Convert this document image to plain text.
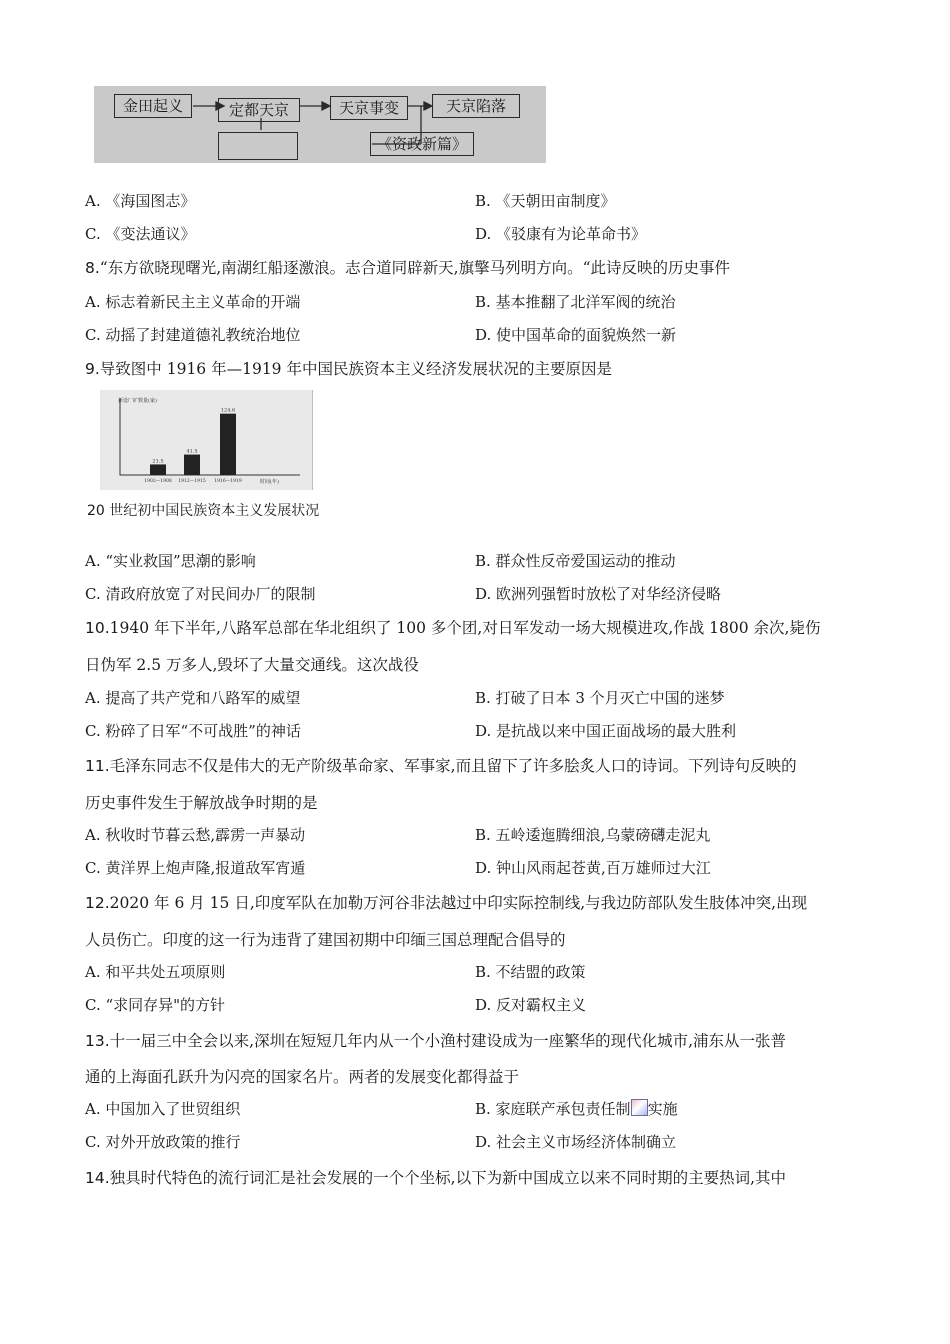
金田起义	定都天京	天京事变	天京陷落
《资政新篇》
A. 《海国图志》	B. 《天朝田亩制度》
C. 《变法通议》	D. 《驳康有为论革命书》
8.“东方欲晓现曙光,南湖红船逐激浪。志合道同辟新天,旗擎马列明方向。“此诗反映的历史事件
A. 标志着新民主主义革命的开端	B. 基本推翻了北洋军阀的统治
C. 动摇了封建道德礼教统治地位	D. 使中国革命的面貌焕然一新
9.导致图中 1916 年—1919 年中国民族资本主义经济发展状况的主要原因是
新设厂矿数量(家)
时间(年)
21.5
1902—1908
41.5
1912—1915
124.6
1916—1919
20 世纪初中国民族资本主义发展状况
A. “实业救国”思潮的影响	B. 群众性反帝爱国运动的推动
C. 清政府放宽了对民间办厂的限制	D. 欧洲列强暂时放松了对华经济侵略
10.1940 年下半年,八路军总部在华北组织了 100 多个团,对日军发动一场大规模进攻,作战 1800 余次,毙伤
日伪军 2.5 万多人,毁坏了大量交通线。这次战役
A. 提高了共产党和八路军的威望	B. 打破了日本 3 个月灭亡中国的迷梦
C. 粉碎了日军“不可战胜”的神话	D. 是抗战以来中国正面战场的最大胜利
11.毛泽东同志不仅是伟大的无产阶级革命家、军事家,而且留下了许多脍炙人口的诗词。下列诗句反映的
历史事件发生于解放战争时期的是
A. 秋收时节暮云愁,霹雳一声暴动	B. 五岭逶迤腾细浪,乌蒙磅礴走泥丸
C. 黄洋界上炮声隆,报道敌军宵遁	D. 钟山风雨起苍黄,百万雄师过大江
12.2020 年 6 月 15 日,印度军队在加勒万河谷非法越过中印实际控制线,与我边防部队发生肢体冲突,出现
人员伤亡。印度的这一行为违背了建国初期中印缅三国总理配合倡导的
A. 和平共处五项原则	B. 不结盟的政策
C. “求同存异"的方针	D. 反对霸权主义
13.十一届三中全会以来,深圳在短短几年内从一个小渔村建设成为一座繁华的现代化城市,浦东从一张普
通的上海面孔跃升为闪亮的国家名片。两者的发展变化都得益于
A. 中国加入了世贸组织	B. 家庭联产承包责任制 实施
C. 对外开放政策的推行	D. 社会主义市场经济体制确立
14.独具时代特色的流行词汇是社会发展的一个个坐标,以下为新中国成立以来不同时期的主要热词,其中
